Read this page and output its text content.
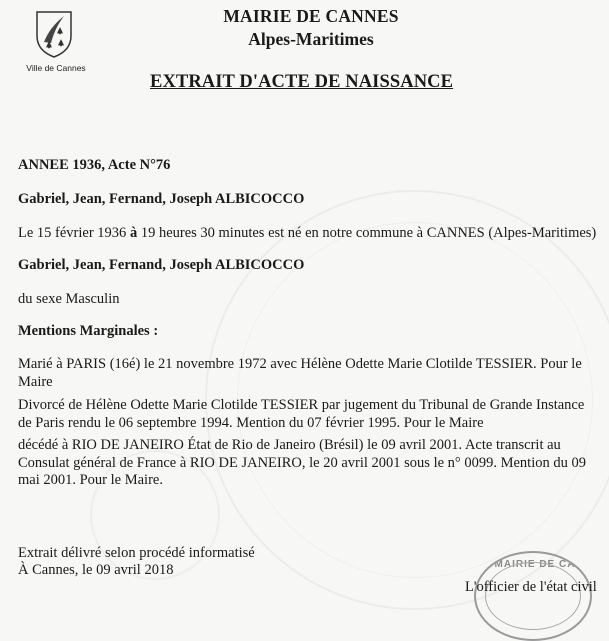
Ville de Cannes
MAIRIE DE CANNES
Alpes-Maritimes
EXTRAIT D'ACTE DE NAISSANCE
ANNEE 1936, Acte N°76
Gabriel, Jean, Fernand, Joseph ALBICOCCO
Le 15 février 1936 à 19 heures 30 minutes est né en notre commune à CANNES (Alpes-Maritimes)
Gabriel, Jean, Fernand, Joseph ALBICOCCO
du sexe Masculin
Mentions Marginales :
Marié à PARIS (16é) le 21 novembre 1972 avec Hélène Odette Marie Clotilde TESSIER. Pour le Maire
Divorcé de Hélène Odette Marie Clotilde TESSIER par jugement du Tribunal de Grande Instance de Paris rendu le 06 septembre 1994. Mention du 07 février 1995. Pour le Maire
décédé à RIO DE JANEIRO État de Rio de Janeiro (Brésil) le 09 avril 2001. Acte transcrit au Consulat général de France à RIO DE JANEIRO, le 20 avril 2001 sous le n° 0099. Mention du 09 mai 2001. Pour le Maire.
Extrait délivré selon procédé informatisé
À Cannes, le 09 avril 2018	MAIRIE DE CA
L'officier de l'état civil
